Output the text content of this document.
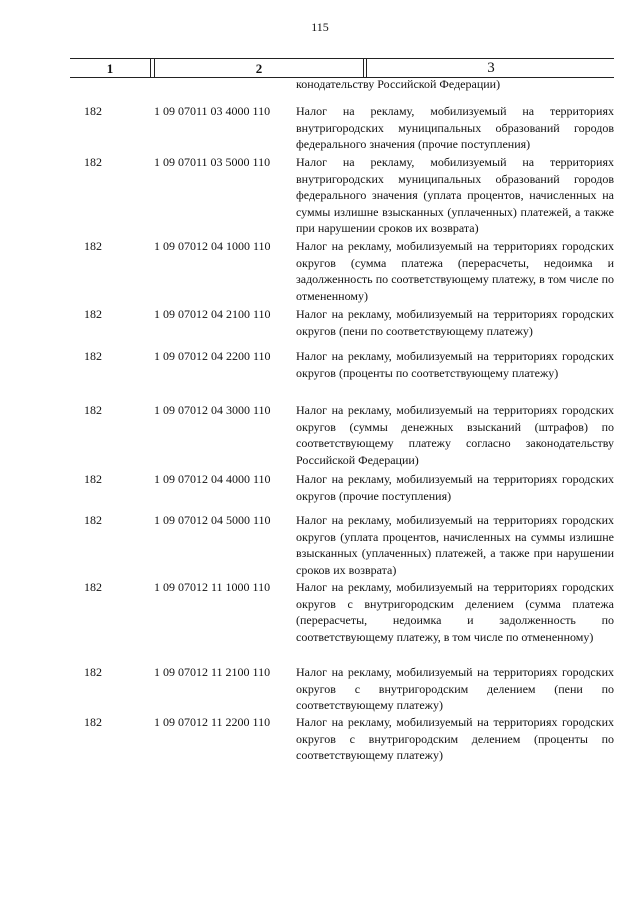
115
1	2	3
конодательству Российской Федерации)
182	1 09 07011 03 4000 110	Налог на рекламу, мобилизуемый на территориях внутригородских муниципальных образований городов федерального значения (прочие поступления)
182	1 09 07011 03 5000 110	Налог на рекламу, мобилизуемый на территориях внутригородских муниципальных образований городов федерального значения (уплата процентов, начисленных на суммы излишне взысканных (уплаченных) платежей, а также при нарушении сроков их возврата)
182	1 09 07012 04 1000 110	Налог на рекламу, мобилизуемый на территориях городских округов (сумма платежа (перерасчеты, недоимка и задолженность по соответствующему платежу, в том числе по отмененному)
182	1 09 07012 04 2100 110	Налог на рекламу, мобилизуемый на территориях городских округов (пени по соответствующему платежу)
182	1 09 07012 04 2200 110	Налог на рекламу, мобилизуемый на территориях городских округов (проценты по соответствующему платежу)
182	1 09 07012 04 3000 110	Налог на рекламу, мобилизуемый на территориях городских округов (суммы денежных взысканий (штрафов) по соответствующему платежу согласно законодательству Российской Федерации)
182	1 09 07012 04 4000 110	Налог на рекламу, мобилизуемый на территориях городских округов (прочие поступления)
182	1 09 07012 04 5000 110	Налог на рекламу, мобилизуемый на территориях городских округов (уплата процентов, начисленных на суммы излишне взысканных (уплаченных) платежей, а также при нарушении сроков их возврата)
182	1 09 07012 11 1000 110	Налог на рекламу, мобилизуемый на территориях городских округов с внутригородским делением (сумма платежа (перерасчеты, недоимка и задолженность по соответствующему платежу, в том числе по отмененному)
182	1 09 07012 11 2100 110	Налог на рекламу, мобилизуемый на территориях городских округов с внутригородским делением (пени по соответствующему платежу)
182	1 09 07012 11 2200 110	Налог на рекламу, мобилизуемый на территориях городских округов с внутригородским делением (проценты по соответствующему платежу)
